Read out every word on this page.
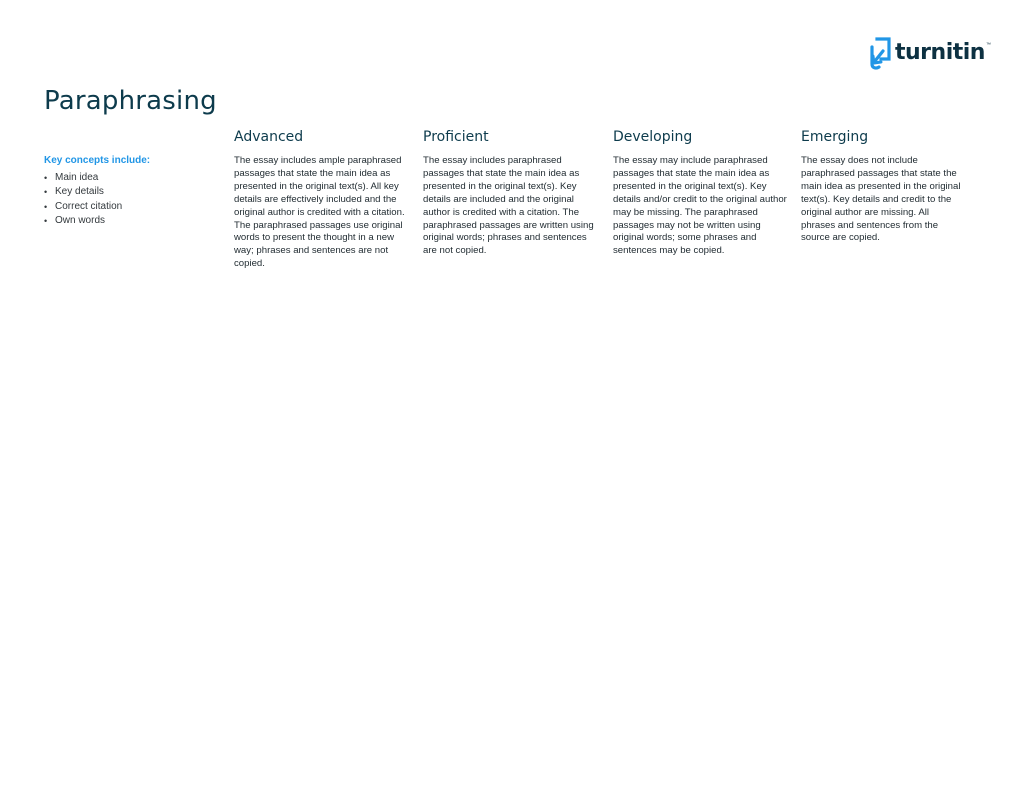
turnitin ™
Paraphrasing

Key concepts include:

• Main idea
• Key details
• Correct citation
• Own words
Advanced

The essay includes ample paraphrased passages that state the main idea as presented in the original text(s). All key details are effectively included and the original author is credited with a citation. The paraphrased passages use original words to present the thought in a new way; phrases and sentences are not copied.

Proficient

The essay includes paraphrased passages that state the main idea as presented in the original text(s). Key details are included and the original author is credited with a citation. The paraphrased passages are written using original words; phrases and sentences are not copied.

Developing

The essay may include paraphrased passages that state the main idea as presented in the original text(s). Key details and/or credit to the original author may be missing. The paraphrased passages may not be written using original words; some phrases and sentences may be copied.

Emerging

The essay does not include paraphrased passages that state the main idea as presented in the original text(s). Key details and credit to the original author are missing. All phrases and sentences from the source are copied.
